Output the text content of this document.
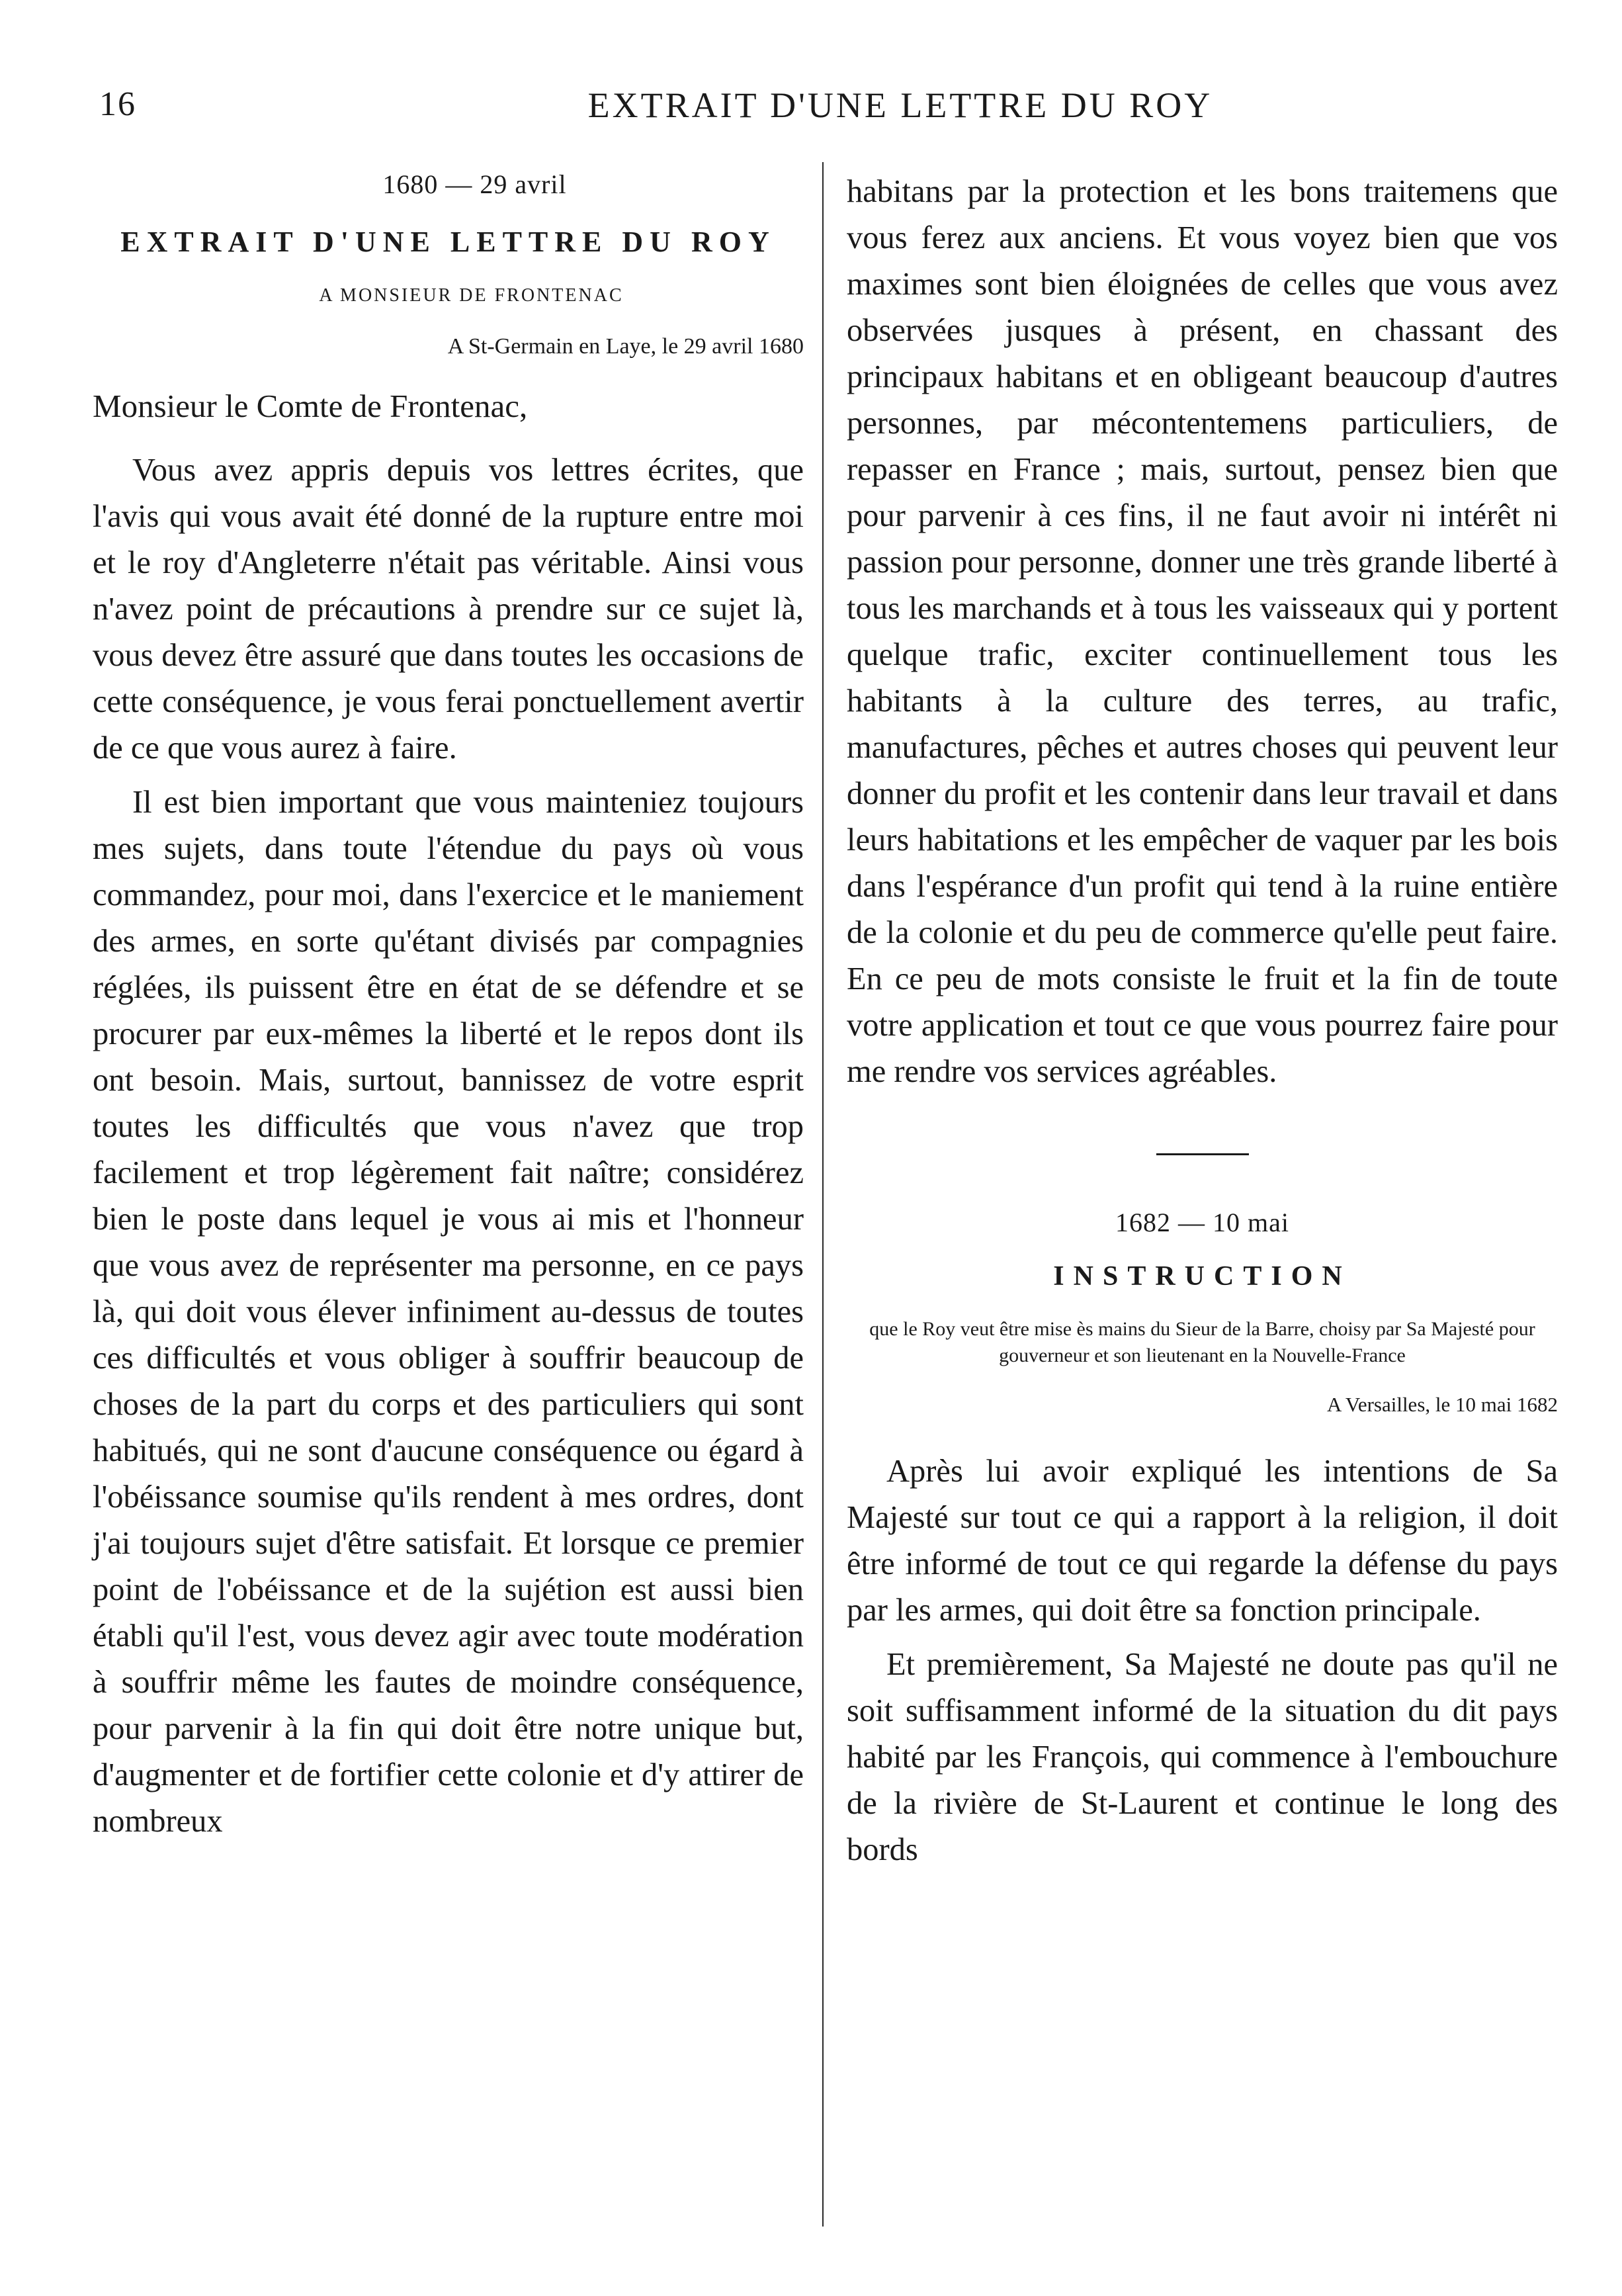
16	EXTRAIT D'UNE LETTRE DU ROY
1680 — 29 avril
EXTRAIT D'UNE LETTRE DU ROY
A MONSIEUR DE FRONTENAC
A St-Germain en Laye, le 29 avril 1680
Monsieur le Comte de Frontenac,

Vous avez appris depuis vos lettres écrites, que l'avis qui vous avait été donné de la rupture entre moi et le roy d'Angleterre n'était pas véritable. Ainsi vous n'avez point de précautions à prendre sur ce sujet là, vous devez être assuré que dans toutes les occasions de cette conséquence, je vous ferai ponctuellement avertir de ce que vous aurez à faire.

Il est bien important que vous mainteniez toujours mes sujets, dans toute l'étendue du pays où vous commandez, pour moi, dans l'exercice et le maniement des armes, en sorte qu'étant divisés par compagnies réglées, ils puissent être en état de se défendre et se procurer par eux-mêmes la liberté et le repos dont ils ont besoin. Mais, surtout, bannissez de votre esprit toutes les difficultés que vous n'avez que trop facilement et trop légèrement fait naître; considérez bien le poste dans lequel je vous ai mis et l'honneur que vous avez de représenter ma personne, en ce pays là, qui doit vous élever infiniment au-dessus de toutes ces difficultés et vous obliger à souffrir beaucoup de choses de la part du corps et des particuliers qui sont habitués, qui ne sont d'aucune conséquence ou égard à l'obéissance soumise qu'ils rendent à mes ordres, dont j'ai toujours sujet d'être satisfait. Et lorsque ce premier point de l'obéissance et de la sujétion est aussi bien établi qu'il l'est, vous devez agir avec toute modération à souffrir même les fautes de moindre conséquence, pour parvenir à la fin qui doit être notre unique but, d'augmenter et de fortifier cette colonie et d'y attirer de nombreux

habitans par la protection et les bons traitemens que vous ferez aux anciens. Et vous voyez bien que vos maximes sont bien éloignées de celles que vous avez observées jusques à présent, en chassant des principaux habitans et en obligeant beaucoup d'autres personnes, par mécontentemens particuliers, de repasser en France ; mais, surtout, pensez bien que pour parvenir à ces fins, il ne faut avoir ni intérêt ni passion pour personne, donner une très grande liberté à tous les marchands et à tous les vaisseaux qui y portent quelque trafic, exciter continuellement tous les habitants à la culture des terres, au trafic, manufactures, pêches et autres choses qui peuvent leur donner du profit et les contenir dans leur travail et dans leurs habitations et les empêcher de vaquer par les bois dans l'espérance d'un profit qui tend à la ruine entière de la colonie et du peu de commerce qu'elle peut faire. En ce peu de mots consiste le fruit et la fin de toute votre application et tout ce que vous pourrez faire pour me rendre vos services agréables.

1682 — 10 mai
INSTRUCTION
que le Roy veut être mise ès mains du Sieur de la Barre, choisy par Sa Majesté pour gouverneur et son lieutenant en la Nouvelle-France
A Versailles, le 10 mai 1682

Après lui avoir expliqué les intentions de Sa Majesté sur tout ce qui a rapport à la religion, il doit être informé de tout ce qui regarde la défense du pays par les armes, qui doit être sa fonction principale.

Et premièrement, Sa Majesté ne doute pas qu'il ne soit suffisamment informé de la situation du dit pays habité par les François, qui commence à l'embouchure de la rivière de St-Laurent et continue le long des bords
